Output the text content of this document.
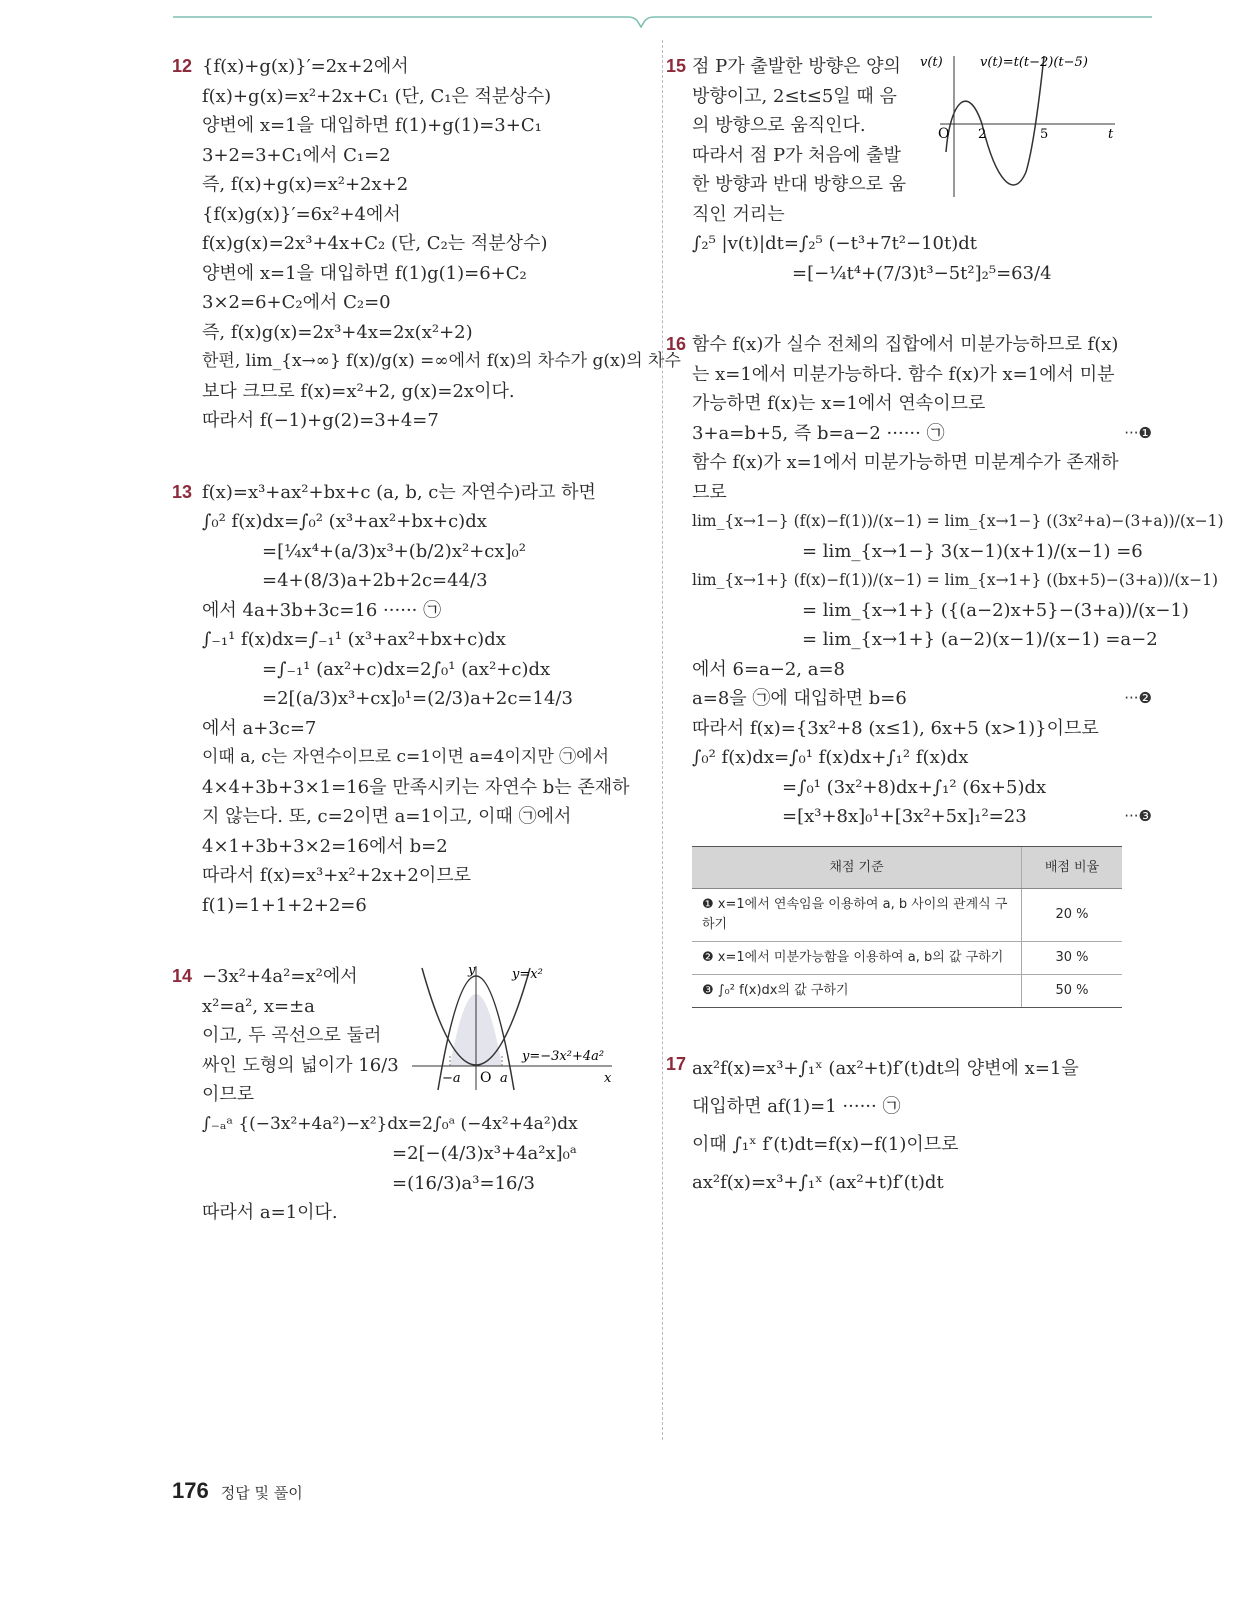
12 {f(x)+g(x)}′=2x+2에서
f(x)+g(x)=x²+2x+C₁ (단, C₁은 적분상수)
양변에 x=1을 대입하면 f(1)+g(1)=3+C₁
3+2=3+C₁에서 C₁=2
즉, f(x)+g(x)=x²+2x+2
{f(x)g(x)}′=6x²+4에서
f(x)g(x)=2x³+4x+C₂ (단, C₂는 적분상수)
양변에 x=1을 대입하면 f(1)g(1)=6+C₂
3×2=6+C₂에서 C₂=0
즉, f(x)g(x)=2x³+4x=2x(x²+2)
한편, lim_{x→∞} f(x)/g(x) =∞에서 f(x)의 차수가 g(x)의 차수
보다 크므로 f(x)=x²+2, g(x)=2x이다.
따라서 f(−1)+g(2)=3+4=7
13 f(x)=x³+ax²+bx+c (a, b, c는 자연수)라고 하면
∫₀² f(x)dx=∫₀² (x³+ax²+bx+c)dx
=[¼x⁴+(a/3)x³+(b/2)x²+cx]₀²
=4+(8/3)a+2b+2c=44/3
에서 4a+3b+3c=16 ······ ㉠
∫₋₁¹ f(x)dx=∫₋₁¹ (x³+ax²+bx+c)dx
=∫₋₁¹ (ax²+c)dx=2∫₀¹ (ax²+c)dx
=2[(a/3)x³+cx]₀¹=(2/3)a+2c=14/3
에서 a+3c=7
이때 a, c는 자연수이므로 c=1이면 a=4이지만 ㉠에서
4×4+3b+3×1=16을 만족시키는 자연수 b는 존재하
지 않는다. 또, c=2이면 a=1이고, 이때 ㉠에서
4×1+3b+3×2=16에서 b=2
따라서 f(x)=x³+x²+2x+2이므로
f(1)=1+1+2+2=6
14 −3x²+4a²=x²에서
x²=a², x=±a
이고, 두 곡선으로 둘러
싸인 도형의 넓이가 16/3
이므로
∫₋ₐᵃ {(−3x²+4a²)−x²}dx=2∫₀ᵃ (−4x²+4a²)dx
=2[−(4/3)x³+4a²x]₀ᵃ
=(16/3)a³=16/3
따라서 a=1이다.
y
x
O
−a	a
y=x²
y=−3x²+4a²
15 점 P가 출발한 방향은 양의
방향이고, 2≤t≤5일 때 음
의 방향으로 움직인다.
따라서 점 P가 처음에 출발
한 방향과 반대 방향으로 움
직인 거리는
∫₂⁵ |v(t)|dt=∫₂⁵ (−t³+7t²−10t)dt
=[−¼t⁴+(7/3)t³−5t²]₂⁵=63/4
v(t)	v(t)=t(t−2)(t−5)
O 2	5	t
16 함수 f(x)가 실수 전체의 집합에서 미분가능하므로 f(x)
는 x=1에서 미분가능하다. 함수 f(x)가 x=1에서 미분
가능하면 f(x)는 x=1에서 연속이므로
3+a=b+5, 즉 b=a−2 ······ ㉠	···❶
함수 f(x)가 x=1에서 미분가능하면 미분계수가 존재하
므로
lim_{x→1−} (f(x)−f(1))/(x−1) = lim_{x→1−} ((3x²+a)−(3+a))/(x−1)
= lim_{x→1−} 3(x−1)(x+1)/(x−1) =6
lim_{x→1+} (f(x)−f(1))/(x−1) = lim_{x→1+} ((bx+5)−(3+a))/(x−1)
= lim_{x→1+} ({(a−2)x+5}−(3+a))/(x−1)
= lim_{x→1+} (a−2)(x−1)/(x−1) =a−2
에서 6=a−2, a=8
a=8을 ㉠에 대입하면 b=6	···❷
따라서 f(x)={3x²+8 (x≤1), 6x+5 (x>1)}이므로
∫₀² f(x)dx=∫₀¹ f(x)dx+∫₁² f(x)dx
=∫₀¹ (3x²+8)dx+∫₁² (6x+5)dx
=[x³+8x]₀¹+[3x²+5x]₁²=23	···❸
채점 기준	배점 비율
❶ x=1에서 연속임을 이용하여 a, b 사이의 관계식 구하기	20 %
❷ x=1에서 미분가능함을 이용하여 a, b의 값 구하기	30 %
❸ ∫₀² f(x)dx의 값 구하기	50 %
17 ax²f(x)=x³+∫₁ˣ (ax²+t)f′(t)dt의 양변에 x=1을
대입하면 af(1)=1 ······ ㉠
이때 ∫₁ˣ f′(t)dt=f(x)−f(1)이므로
ax²f(x)=x³+∫₁ˣ (ax²+t)f′(t)dt
176 정답 및 풀이
